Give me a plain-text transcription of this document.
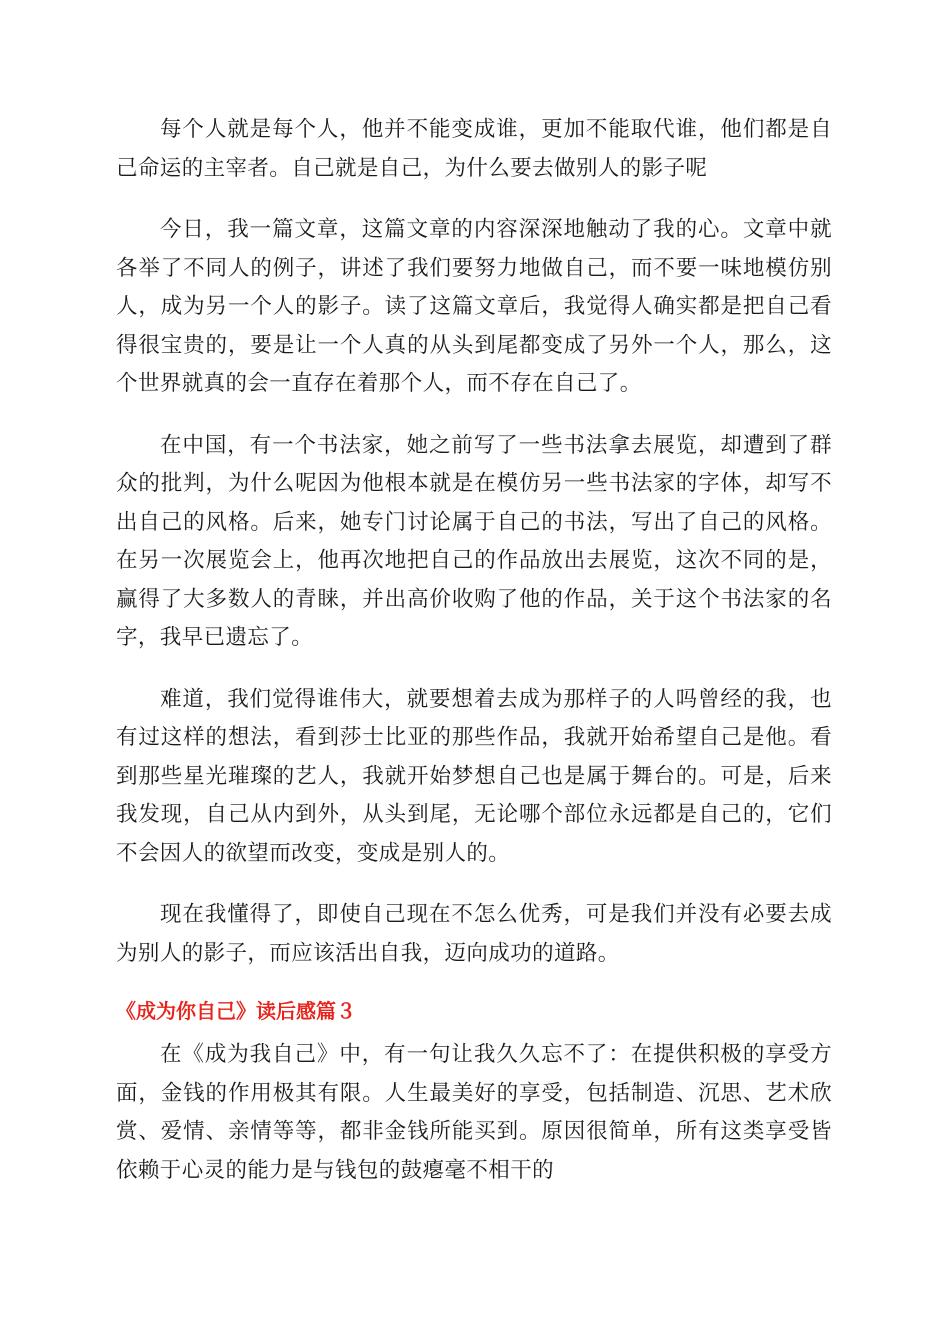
每个人就是每个人，他并不能变成谁，更加不能取代谁，他们都是自己命运的主宰者。自己就是自己，为什么要去做别人的影子呢

今日，我一篇文章，这篇文章的内容深深地触动了我的心。文章中就各举了不同人的例子，讲述了我们要努力地做自己，而不要一味地模仿别人，成为另一个人的影子。读了这篇文章后，我觉得人确实都是把自己看得很宝贵的，要是让一个人真的从头到尾都变成了另外一个人，那么，这个世界就真的会一直存在着那个人，而不存在自己了。

在中国，有一个书法家，她之前写了一些书法拿去展览，却遭到了群众的批判，为什么呢因为他根本就是在模仿另一些书法家的字体，却写不出自己的风格。后来，她专门讨论属于自己的书法，写出了自己的风格。在另一次展览会上，他再次地把自己的作品放出去展览，这次不同的是，赢得了大多数人的青睐，并出高价收购了他的作品，关于这个书法家的名字，我早已遗忘了。

难道，我们觉得谁伟大，就要想着去成为那样子的人吗曾经的我，也有过这样的想法，看到莎士比亚的那些作品，我就开始希望自己是他。看到那些星光璀璨的艺人，我就开始梦想自己也是属于舞台的。可是，后来我发现，自己从内到外，从头到尾，无论哪个部位永远都是自己的，它们不会因人的欲望而改变，变成是别人的。

现在我懂得了，即使自己现在不怎么优秀，可是我们并没有必要去成为别人的影子，而应该活出自我，迈向成功的道路。

《成为你自己》读后感篇３

在《成为我自己》中，有一句让我久久忘不了：在提供积极的享受方面，金钱的作用极其有限。人生最美好的享受，包括制造、沉思、艺术欣赏、爱情、亲情等等，都非金钱所能买到。原因很简单，所有这类享受皆依赖于心灵的能力是与钱包的鼓瘪毫不相干的
